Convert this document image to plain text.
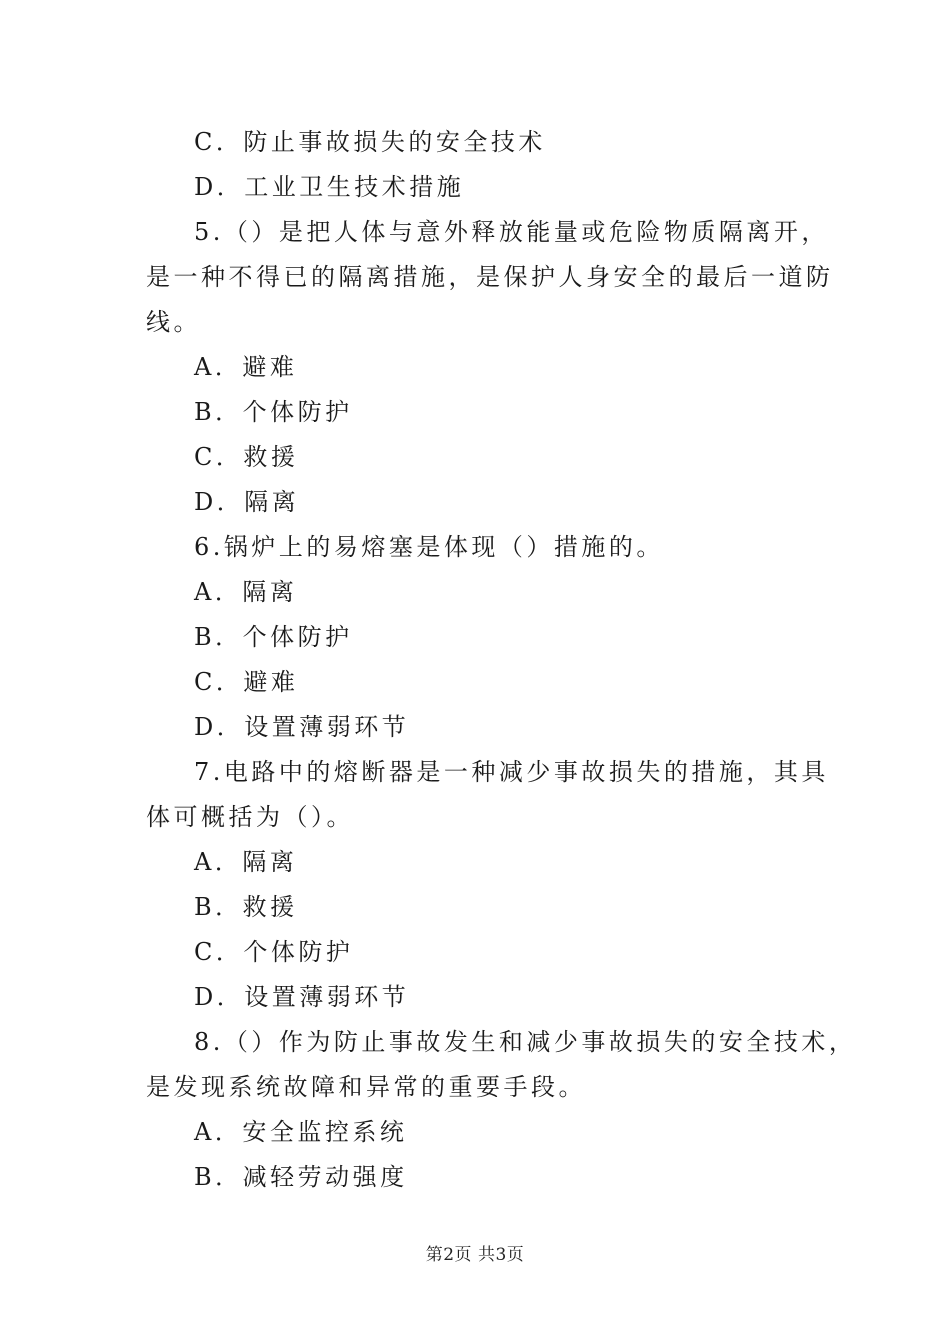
C．防止事故损失的安全技术
D．工业卫生技术措施
5.（）是把人体与意外释放能量或危险物质隔离开，
是一种不得已的隔离措施，是保护人身安全的最后一道防
线。
A．避难
B．个体防护
C．救援
D．隔离
6.锅炉上的易熔塞是体现（）措施的。
A．隔离
B．个体防护
C．避难
D．设置薄弱环节
7.电路中的熔断器是一种减少事故损失的措施，其具
体可概括为（）。
A．隔离
B．救援
C．个体防护
D．设置薄弱环节
8.（）作为防止事故发生和减少事故损失的安全技术，
是发现系统故障和异常的重要手段。
A．安全监控系统
B．减轻劳动强度
第2页 共3页
